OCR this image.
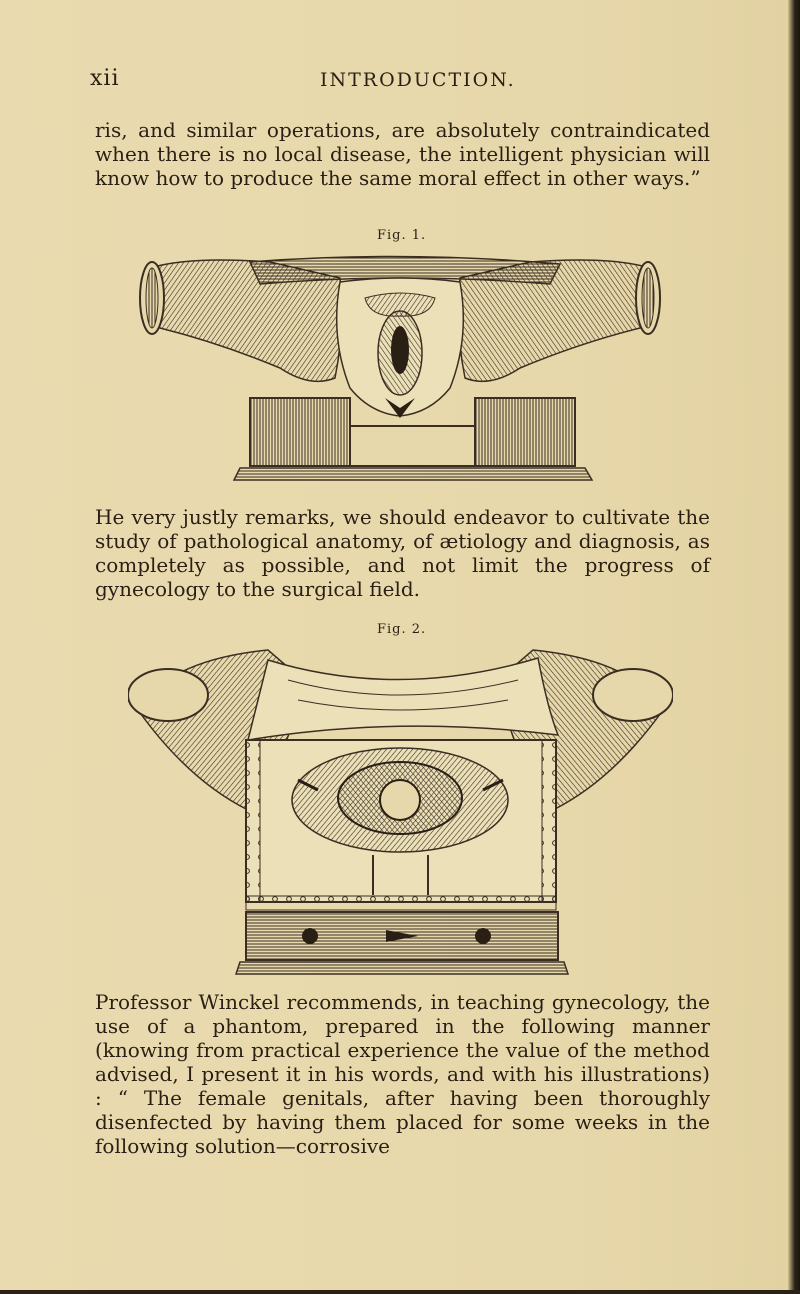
xii	INTRODUCTION.

ris, and similar operations, are absolutely contraindicated when there is no local disease, the intelligent physician will know how to produce the same moral effect in other ways.”

Fig. 1.

He very justly remarks, we should endeavor to cultivate the study of pathological anatomy, of ætiology and diagnosis, as completely as possible, and not limit the progress of gynecology to the surgical field.

Fig. 2.

Professor Winckel recommends, in teaching gynecology, the use of a phantom, prepared in the following manner (knowing from practical experience the value of the method advised, I present it in his words, and with his illustrations) : “ The female genitals, after having been thoroughly disenfected by having them placed for some weeks in the following solution—corrosive
